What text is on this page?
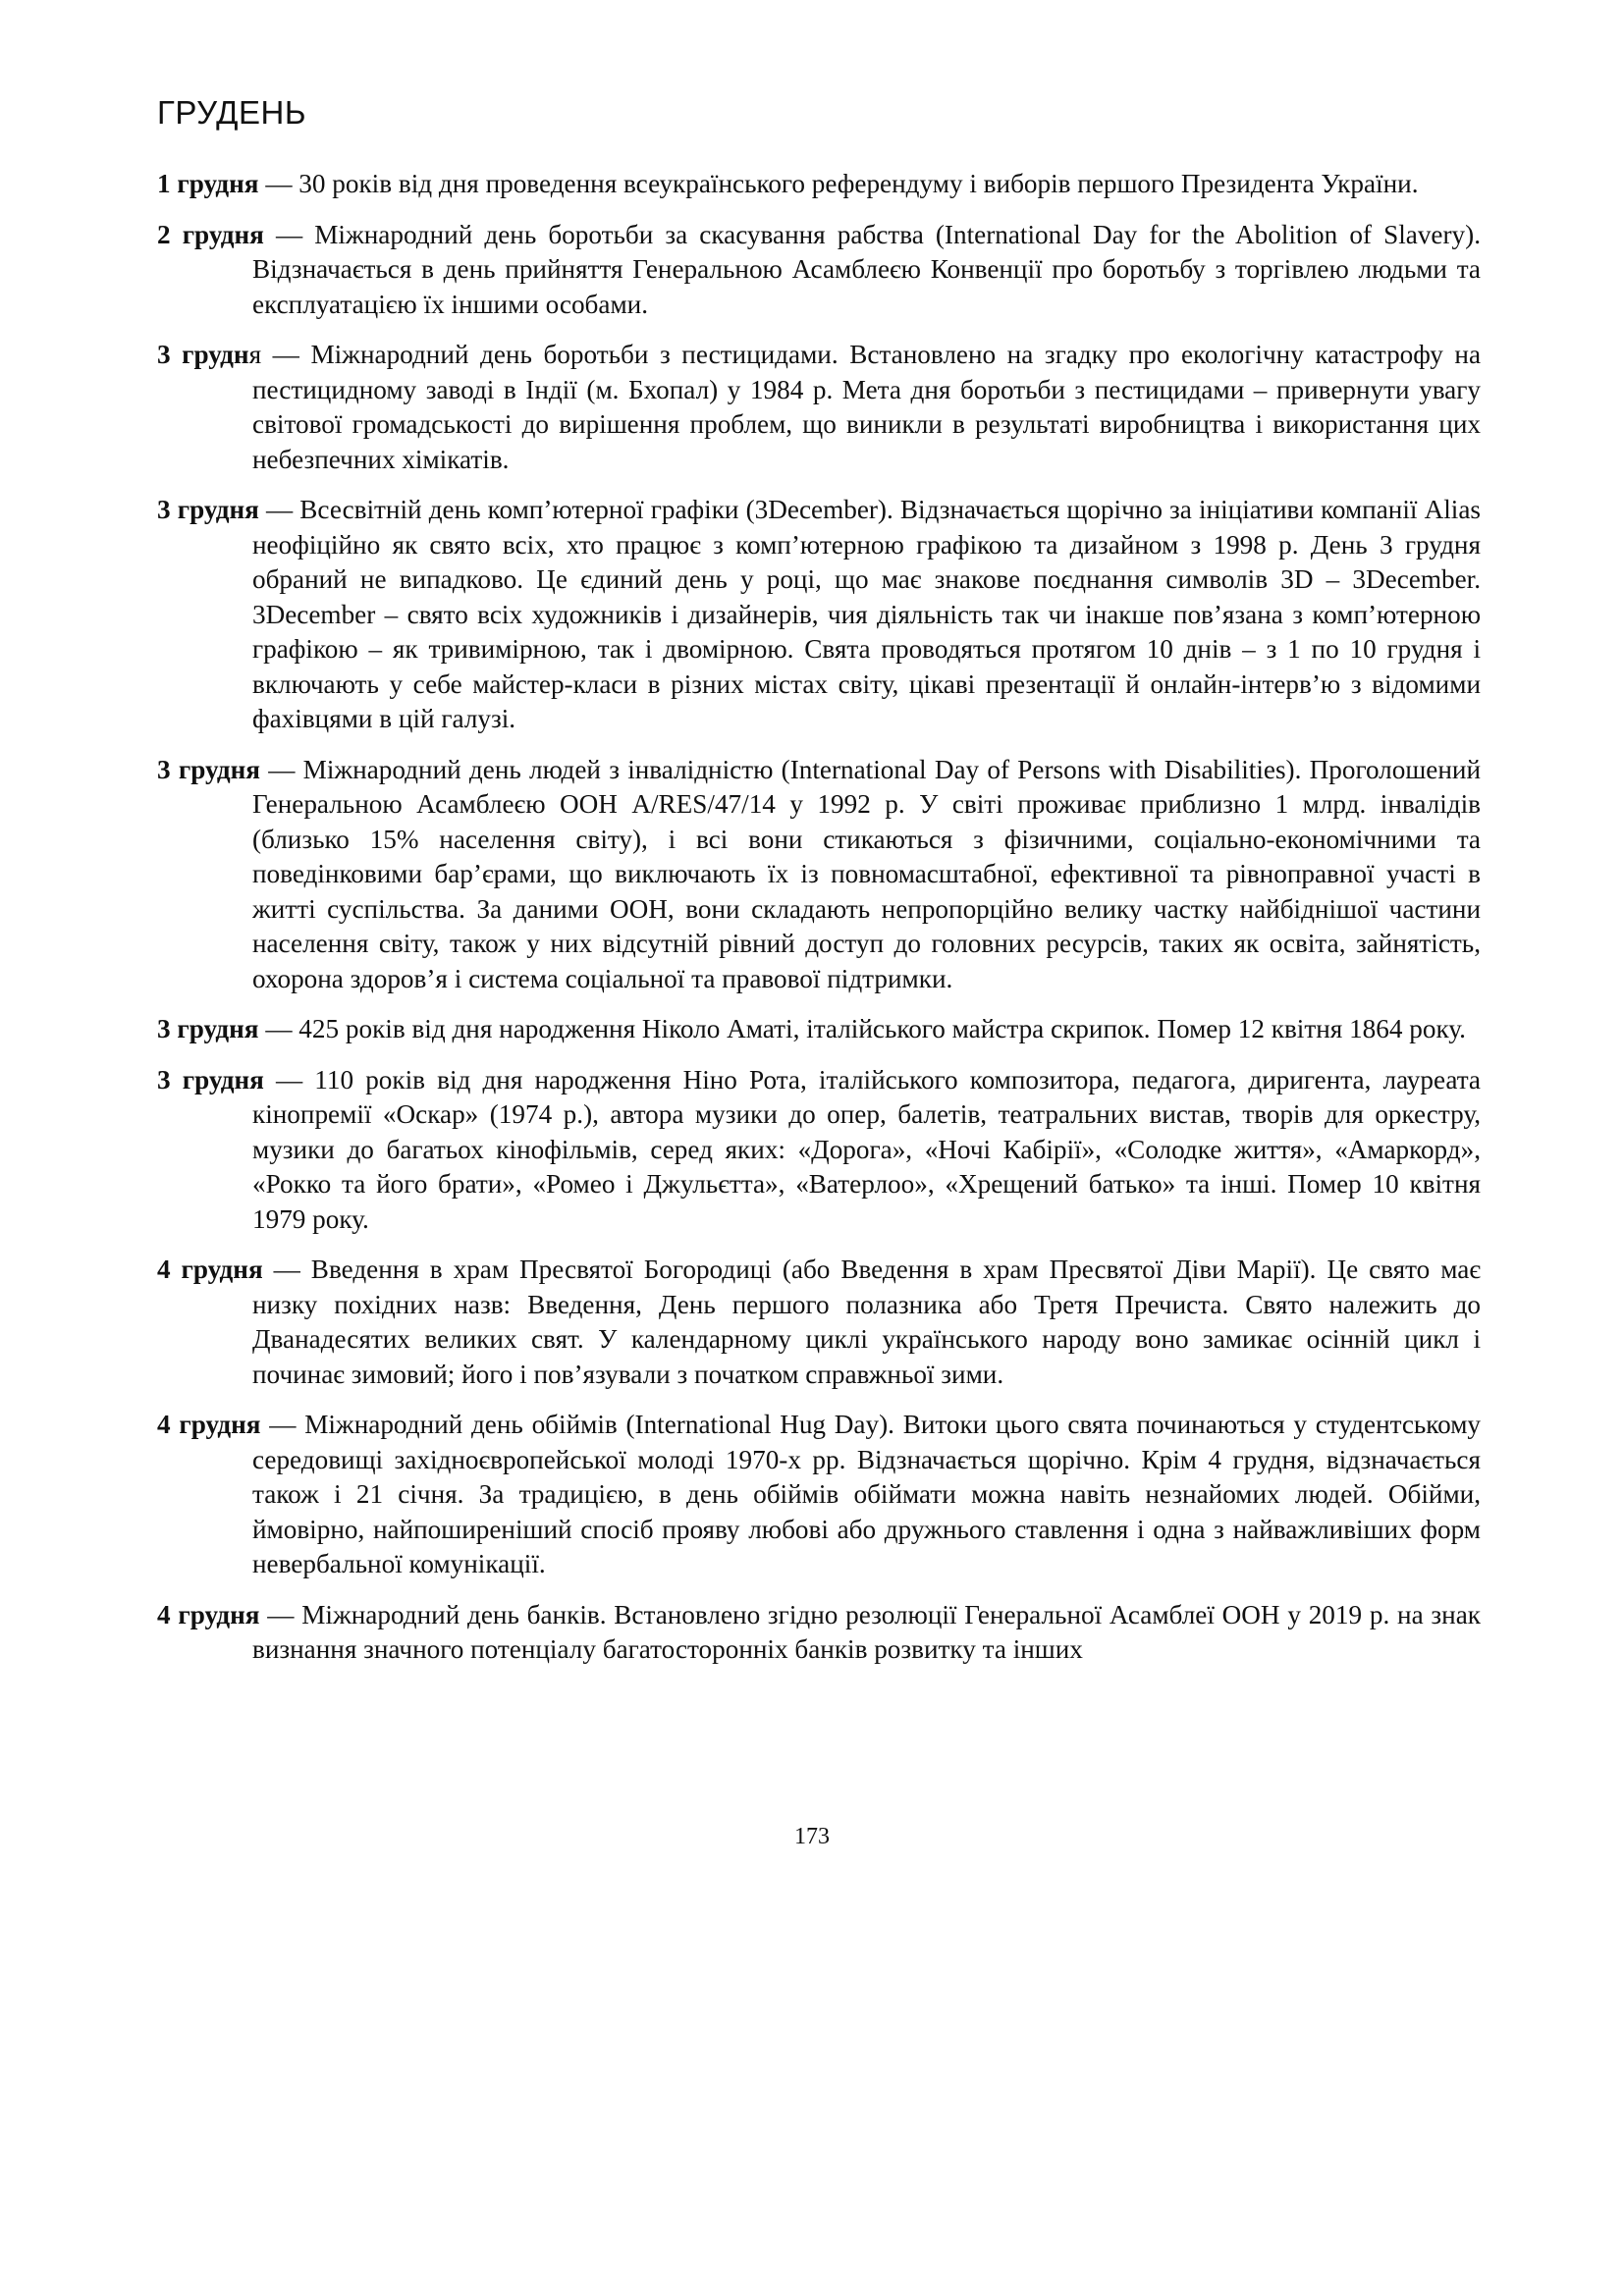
ГРУДЕНЬ

1 грудня — 30 років від дня проведення всеукраїнського референдуму і виборів першого Президента України.

2 грудня — Міжнародний день боротьби за скасування рабства (International Day for the Abolition of Slavery). Відзначається в день прийняття Генеральною Асамблеєю Конвенції про боротьбу з торгівлею людьми та експлуатацією їх іншими особами.

3 грудня — Міжнародний день боротьби з пестицидами. Встановлено на згадку про екологічну катастрофу на пестицидному заводі в Індії (м. Бхопал) у 1984 р. Мета дня боротьби з пестицидами – привернути увагу світової громадськості до вирішення проблем, що виникли в результаті виробництва і використання цих небезпечних хімікатів.

3 грудня — Всесвітній день комп’ютерної графіки (3December). Відзначається щорічно за ініціативи компанії Alias неофіційно як свято всіх, хто працює з комп’ютерною графікою та дизайном з 1998 р. День 3 грудня обраний не випадково. Це єдиний день у році, що має знакове поєднання символів 3D – 3December. 3December – свято всіх художників і дизайнерів, чия діяльність так чи інакше пов’язана з комп’ютерною графікою – як тривимірною, так і двомірною. Свята проводяться протягом 10 днів – з 1 по 10 грудня і включають у себе майстер-класи в різних містах світу, цікаві презентації й онлайн-інтерв’ю з відомими фахівцями в цій галузі.

3 грудня — Міжнародний день людей з інвалідністю (International Day of Persons with Disabilities). Проголошений Генеральною Асамблеєю ООН A/RES/47/14 у 1992 р. У світі проживає приблизно 1 млрд. інвалідів (близько 15% населення світу), і всі вони стикаються з фізичними, соціально-економічними та поведінковими бар’єрами, що виключають їх із повномасштабної, ефективної та рівноправної участі в житті суспільства. За даними ООН, вони складають непропорційно велику частку найбіднішої частини населення світу, також у них відсутній рівний доступ до головних ресурсів, таких як освіта, зайнятість, охорона здоров’я і система соціальної та правової підтримки.

3 грудня — 425 років від дня народження Ніколо Аматі, італійського майстра скрипок. Помер 12 квітня 1864 року.

3 грудня — 110 років від дня народження Ніно Рота, італійського композитора, педагога, диригента, лауреата кінопремії «Оскар» (1974 р.), автора музики до опер, балетів, театральних вистав, творів для оркестру, музики до багатьох кінофільмів, серед яких: «Дорога», «Ночі Кабірії», «Солодке життя», «Амаркорд», «Рокко та його брати», «Ромео і Джульєтта», «Ватерлоо», «Хрещений батько» та інші. Помер 10 квітня 1979 року.

4 грудня — Введення в храм Пресвятої Богородиці (або Введення в храм Пресвятої Діви Марії). Це свято має низку похідних назв: Введення, День першого полазника або Третя Пречиста. Свято належить до Дванадесятих великих свят. У календарному циклі українського народу воно замикає осінній цикл і починає зимовий; його і пов’язували з початком справжньої зими.

4 грудня — Міжнародний день обіймів (International Hug Day). Витоки цього свята починаються у студентському середовищі західноєвропейської молоді 1970-х рр. Відзначається щорічно. Крім 4 грудня, відзначається також і 21 січня. За традицією, в день обіймів обіймати можна навіть незнайомих людей. Обійми, ймовірно, найпоширеніший спосіб прояву любові або дружнього ставлення і одна з найважливіших форм невербальної комунікації.

4 грудня — Міжнародний день банків. Встановлено згідно резолюції Генеральної Асамблеї ООН у 2019 р. на знак визнання значного потенціалу багатосторонніх банків розвитку та інших

173
